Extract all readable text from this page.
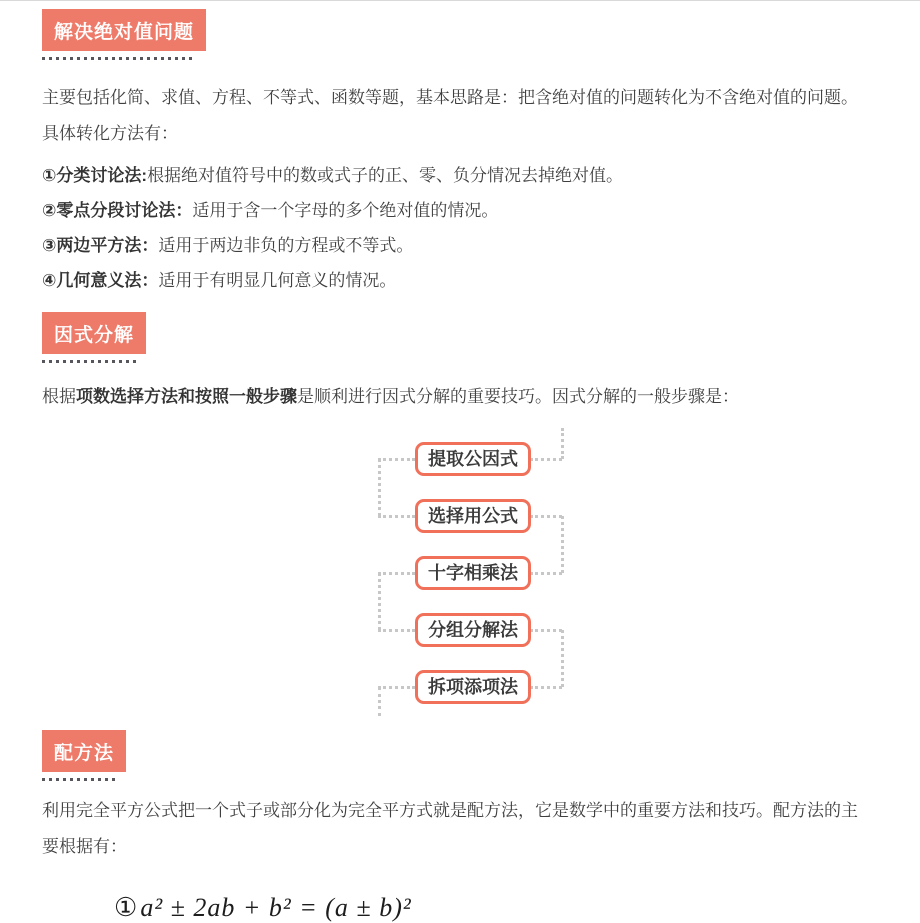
解决绝对值问题

主要包括化简、求值、方程、不等式、函数等题，基本思路是：把含绝对值的问题转化为不含绝对值的问题。
具体转化方法有：

①分类讨论法:根据绝对值符号中的数或式子的正、零、负分情况去掉绝对值。
②零点分段讨论法：适用于含一个字母的多个绝对值的情况。
③两边平方法：适用于两边非负的方程或不等式。
④几何意义法：适用于有明显几何意义的情况。
因式分解

根据项数选择方法和按照一般步骤是顺利进行因式分解的重要技巧。因式分解的一般步骤是：

提取公因式
选择用公式
十字相乘法
分组分解法
拆项添项法
配方法

利用完全平方公式把一个式子或部分化为完全平方式就是配方法，它是数学中的重要方法和技巧。配方法的主
要根据有：

① a² ± 2ab + b² = (a ± b)²
